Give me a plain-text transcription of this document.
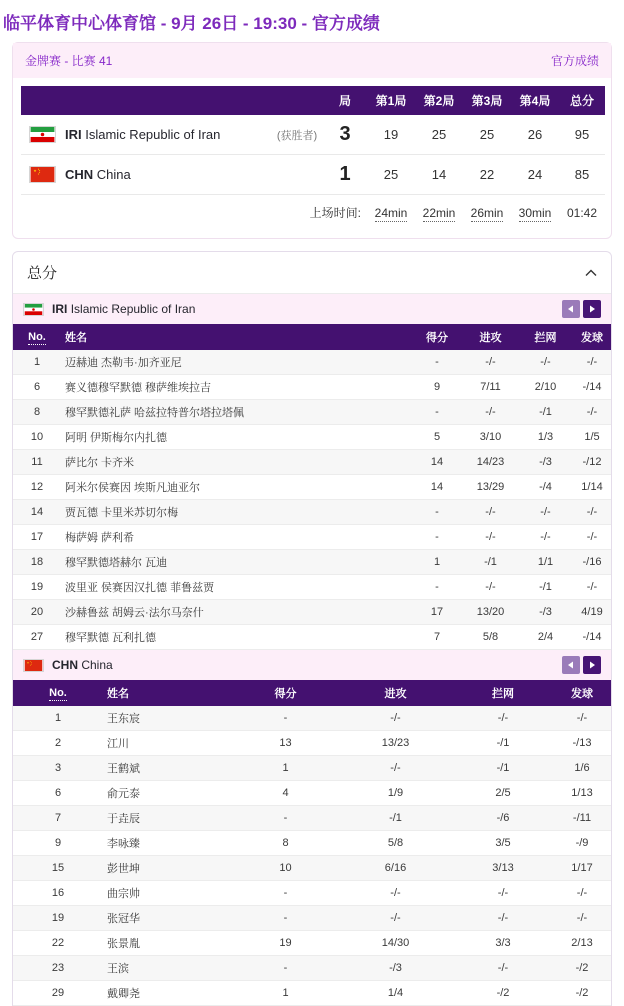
临平体育中心体育馆 - 9月 26日 - 19:30 - 官方成绩
金牌赛 - 比赛 41	官方成绩
		局	第1局	第2局	第3局	第4局	总分

IRI Islamic Republic of Iran	(获胜者)	3	19	25	25	26	95

CHN China		1	25	14	22	24	85
上场时间:			24min	22min	26min	30min	01:42
总分
IRI Islamic Republic of Iran
No.	姓名	得分	进攻	拦网	发球
1	迈赫迪 杰勒韦·加齐亚尼	-	-/-	-/-	-/-
6	赛义德穆罕默德 穆萨维埃拉吉	9	7/11	2/10	-/14
8	穆罕默德礼萨 哈兹拉特普尔塔拉塔佩	-	-/-	-/1	-/-
10	阿明 伊斯梅尔内扎德	5	3/10	1/3	1/5
11	萨比尔 卡齐米	14	14/23	-/3	-/12
12	阿米尔侯赛因 埃斯凡迪亚尔	14	13/29	-/4	1/14
14	贾瓦德 卡里米苏切尔梅	-	-/-	-/-	-/-
17	梅萨姆 萨利希	-	-/-	-/-	-/-
18	穆罕默德塔赫尔 瓦迪	1	-/1	1/1	-/16
19	波里亚 侯赛因汉扎德 菲鲁兹贾	-	-/-	-/1	-/-
20	沙赫鲁兹 胡姆云·法尔马奈什	17	13/20	-/3	4/19
27	穆罕默德 瓦利扎德	7	5/8	2/4	-/14
CHN China
No.	姓名	得分	进攻	拦网	发球
1	王东宸	-	-/-	-/-	-/-
2	江川	13	13/23	-/1	-/13
3	王鹤斌	1	-/-	-/1	1/6
6	俞元泰	4	1/9	2/5	1/13
7	于垚辰	-	-/1	-/6	-/11
9	李咏臻	8	5/8	3/5	-/9
15	彭世坤	10	6/16	3/13	1/17
16	曲宗帅	-	-/-	-/-	-/-
19	张冠华	-	-/-	-/-	-/-
22	张景胤	19	14/30	3/3	2/13
23	王滨	-	-/3	-/-	-/2
29	戴卿尧	1	1/4	-/2	-/2
